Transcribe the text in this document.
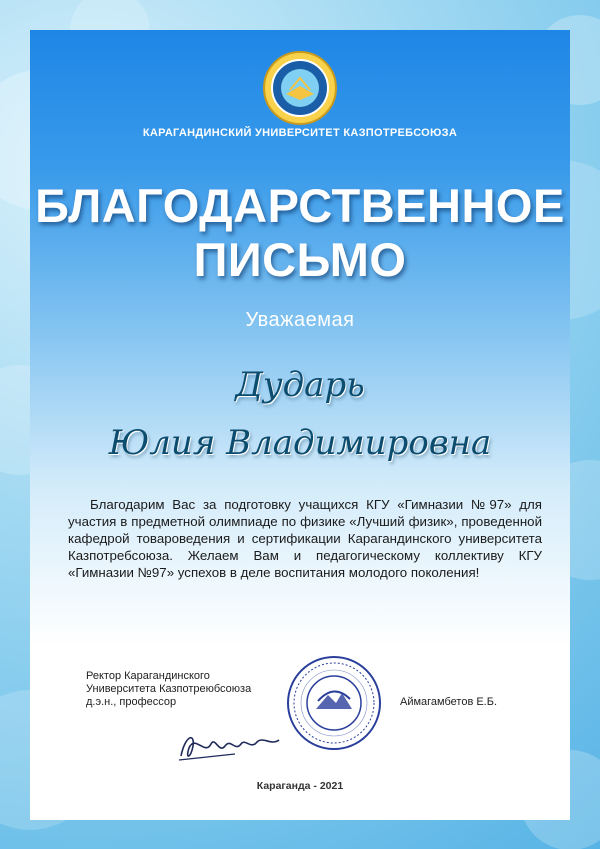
КАРАГАНДИНСКИЙ УНИВЕРСИТЕТ КАЗПОТРЕБСОЮЗА
БЛАГОДАРСТВЕННОЕ
ПИСЬМО
Уважаемая
Дударь
Юлия Владимировна
Благодарим Вас за подготовку учащихся КГУ «Гимназии №97» для участия в предметной олимпиаде по физике «Лучший физик», проведенной кафедрой товароведения и сертификации Карагандинского университета Казпотребсоюза. Желаем Вам и педагогическому коллективу КГУ «Гимназии №97» успехов в деле воспитания молодого поколения!
Ректор Карагандинского
Университета Казпотреюбсоюза
д.э.н., профессор	Аймагамбетов Е.Б.
Караганда - 2021
